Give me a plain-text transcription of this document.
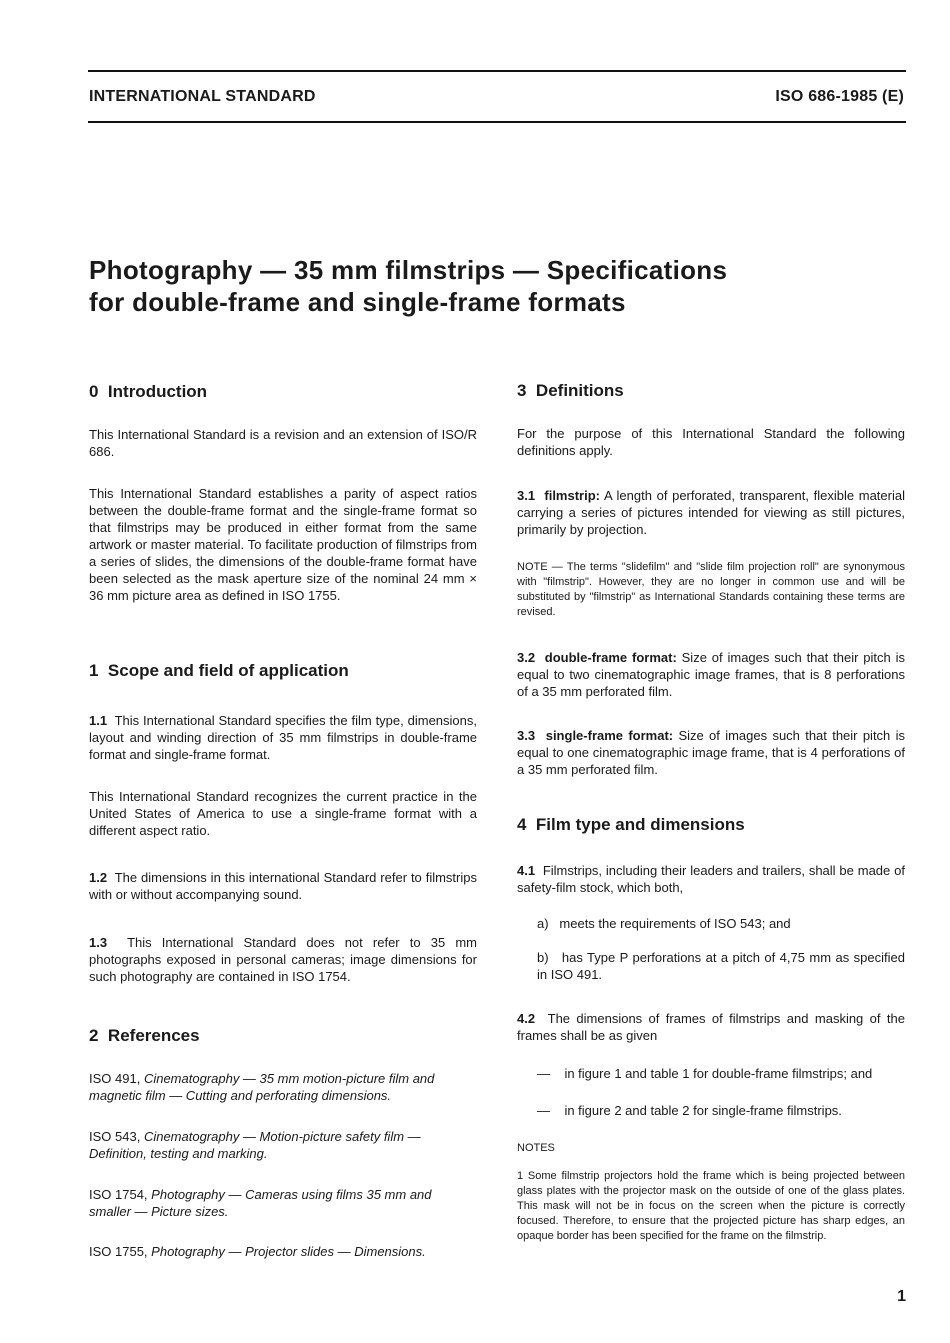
INTERNATIONAL STANDARD	ISO 686-1985 (E)
Photography — 35 mm filmstrips — Specifications
for double-frame and single-frame formats
0 Introduction
This International Standard is a revision and an extension of ISO/R 686.
This International Standard establishes a parity of aspect ratios between the double-frame format and the single-frame format so that filmstrips may be produced in either format from the same artwork or master material. To facilitate production of filmstrips from a series of slides, the dimensions of the double-frame format have been selected as the mask aperture size of the nominal 24 mm × 36 mm picture area as defined in ISO 1755.
1 Scope and field of application
1.1 This International Standard specifies the film type, dimensions, layout and winding direction of 35 mm filmstrips in double-frame format and single-frame format.
This International Standard recognizes the current practice in the United States of America to use a single-frame format with a different aspect ratio.
1.2 The dimensions in this international Standard refer to filmstrips with or without accompanying sound.
1.3 This International Standard does not refer to 35 mm photographs exposed in personal cameras; image dimensions for such photography are contained in ISO 1754.
2 References
ISO 491, Cinematography — 35 mm motion-picture film and magnetic film — Cutting and perforating dimensions.
ISO 543, Cinematography — Motion-picture safety film — Definition, testing and marking.
ISO 1754, Photography — Cameras using films 35 mm and smaller — Picture sizes.
ISO 1755, Photography — Projector slides — Dimensions.
3 Definitions
For the purpose of this International Standard the following definitions apply.
3.1 filmstrip: A length of perforated, transparent, flexible material carrying a series of pictures intended for viewing as still pictures, primarily by projection.
NOTE — The terms "slidefilm" and "slide film projection roll" are synonymous with "filmstrip". However, they are no longer in common use and will be substituted by "filmstrip" as International Standards containing these terms are revised.
3.2 double-frame format: Size of images such that their pitch is equal to two cinematographic image frames, that is 8 perforations of a 35 mm perforated film.
3.3 single-frame format: Size of images such that their pitch is equal to one cinematographic image frame, that is 4 perforations of a 35 mm perforated film.
4 Film type and dimensions
4.1 Filmstrips, including their leaders and trailers, shall be made of safety-film stock, which both,
a) meets the requirements of ISO 543; and
b) has Type P perforations at a pitch of 4,75 mm as specified in ISO 491.
4.2 The dimensions of frames of filmstrips and masking of the frames shall be as given
— in figure 1 and table 1 for double-frame filmstrips; and
— in figure 2 and table 2 for single-frame filmstrips.
NOTES
1 Some filmstrip projectors hold the frame which is being projected between glass plates with the projector mask on the outside of one of the glass plates. This mask will not be in focus on the screen when the picture is correctly focused. Therefore, to ensure that the projected picture has sharp edges, an opaque border has been specified for the frame on the filmstrip.
1
